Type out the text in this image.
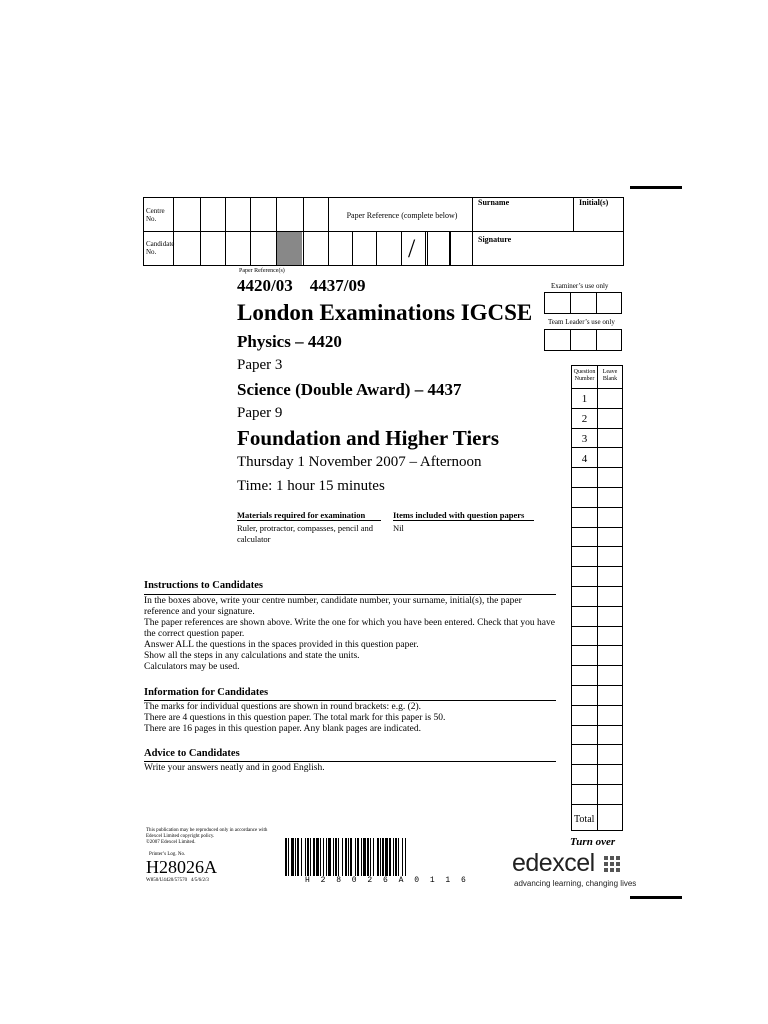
Centre
No.
Candidate
No.
Paper Reference (complete below)
/
Surname	Initial(s)
Signature
Paper Reference(s)
4420/03    4437/09
London Examinations IGCSE
Physics – 4420
Paper 3
Science (Double Award) – 4437
Paper 9
Foundation and Higher Tiers
Thursday 1 November 2007 – Afternoon
Time: 1 hour 15 minutes
Materials required for examination
Ruler, protractor, compasses, pencil and calculator
Items included with question papers
Nil
Examiner’s use only
Team Leader’s use only
Question Number
Leave Blank
1
2
3
4
Total
Turn over
Instructions to Candidates
In the boxes above, write your centre number, candidate number, your surname, initial(s), the paper reference and your signature.
The paper references are shown above. Write the one for which you have been entered. Check that you have the correct question paper.
Answer ALL the questions in the spaces provided in this question paper.
Show all the steps in any calculations and state the units.
Calculators may be used.
Information for Candidates
The marks for individual questions are shown in round brackets: e.g. (2).
There are 4 questions in this question paper. The total mark for this paper is 50.
There are 16 pages in this question paper. Any blank pages are indicated.
Advice to Candidates
Write your answers neatly and in good English.
This publication may be reproduced only in accordance with
Edexcel Limited copyright policy.
©2007 Edexcel Limited.
Printer’s Log. No.
H28026A
W850/U4420/57570   4/5/6/2/3	H 2 8 0 2 6 A 0 1 1 6
edexcel
advancing learning, changing lives
